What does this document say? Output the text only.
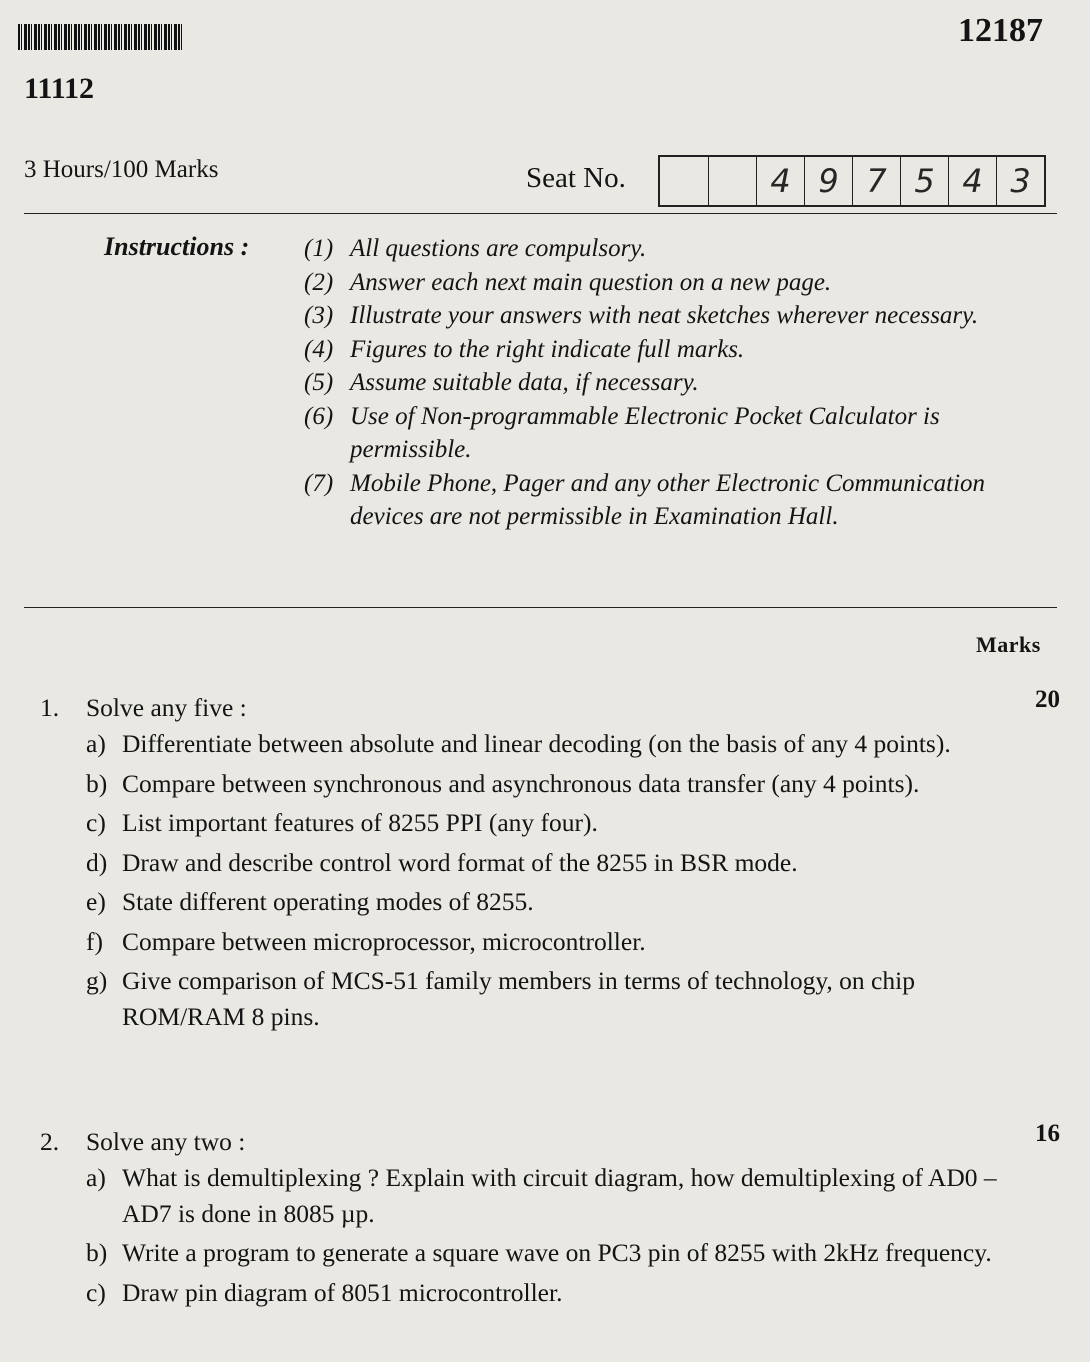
12187
11112
3 Hours/100 Marks	Seat No.	4 9 7 5 4 3
Instructions : (1) All questions are compulsory.
(2) Answer each next main question on a new page.
(3) Illustrate your answers with neat sketches wherever necessary.
(4) Figures to the right indicate full marks.
(5) Assume suitable data, if necessary.
(6) Use of Non-programmable Electronic Pocket Calculator is permissible.
(7) Mobile Phone, Pager and any other Electronic Communication devices are not permissible in Examination Hall.
Marks
1. Solve any five :	20
a) Differentiate between absolute and linear decoding (on the basis of any 4 points).
b) Compare between synchronous and asynchronous data transfer (any 4 points).
c) List important features of 8255 PPI (any four).
d) Draw and describe control word format of the 8255 in BSR mode.
e) State different operating modes of 8255.
f) Compare between microprocessor, microcontroller.
g) Give comparison of MCS-51 family members in terms of technology, on chip ROM/RAM 8 pins.
2. Solve any two :	16
a) What is demultiplexing ? Explain with circuit diagram, how demultiplexing of AD0 – AD7 is done in 8085 µp.
b) Write a program to generate a square wave on PC3 pin of 8255 with 2kHz frequency.
c) Draw pin diagram of 8051 microcontroller.
